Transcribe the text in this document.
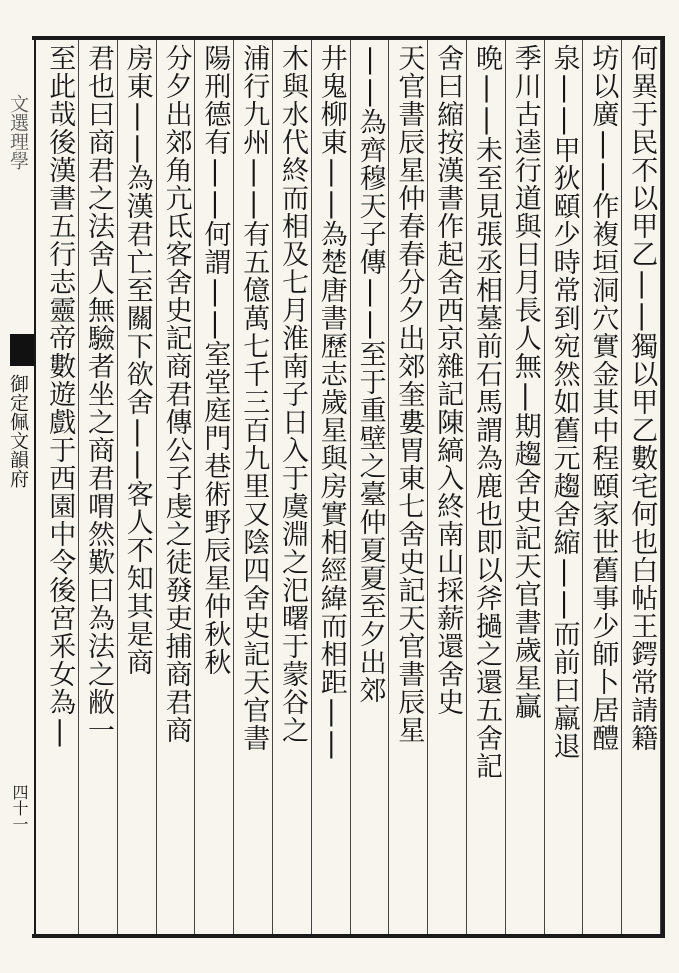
文選理學
御定佩文韻府
四十一
何異于民不以甲乙||獨以甲乙數宅何也白帖王鍔常請籍
坊以廣||作複垣洞穴實金其中程頤家世舊事少師卜居醴
泉||甲狄頤少時常到宛然如舊元趨舍縮||而前曰羸退
季川古逵行道與日月長人無|期趨舍史記天官書歲星贏
晩||未至見張丞相墓前石馬謂為鹿也即以斧撾之還五舍記
舍曰縮按漢書作起舍西京雜記陳縞入終南山採薪還舍史
天官書辰星仲春春分夕出郊奎婁胃東七舍史記天官書辰星
||為齊穆天子傳||至于重壁之臺仲夏夏至夕出郊
井鬼柳東||為楚唐書歷志歲星與房實相經緯而相距||
木與水代終而相及七月淮南子日入于虞淵之汜曙于蒙谷之
浦行九州||有五億萬七千三百九里又陰四舍史記天官書
陽刑德有||何謂||室堂庭門巷術野辰星仲秋秋
分夕出郊角亢氐客舍史記商君傳公子虔之徒發吏捕商君商
房東||為漢君亡至關下欲舍||客人不知其是商
君也曰商君之法舍人無驗者坐之商君喟然歎曰為法之敝一
至此哉後漢書五行志靈帝數遊戲于西園中令後宮釆女為|
